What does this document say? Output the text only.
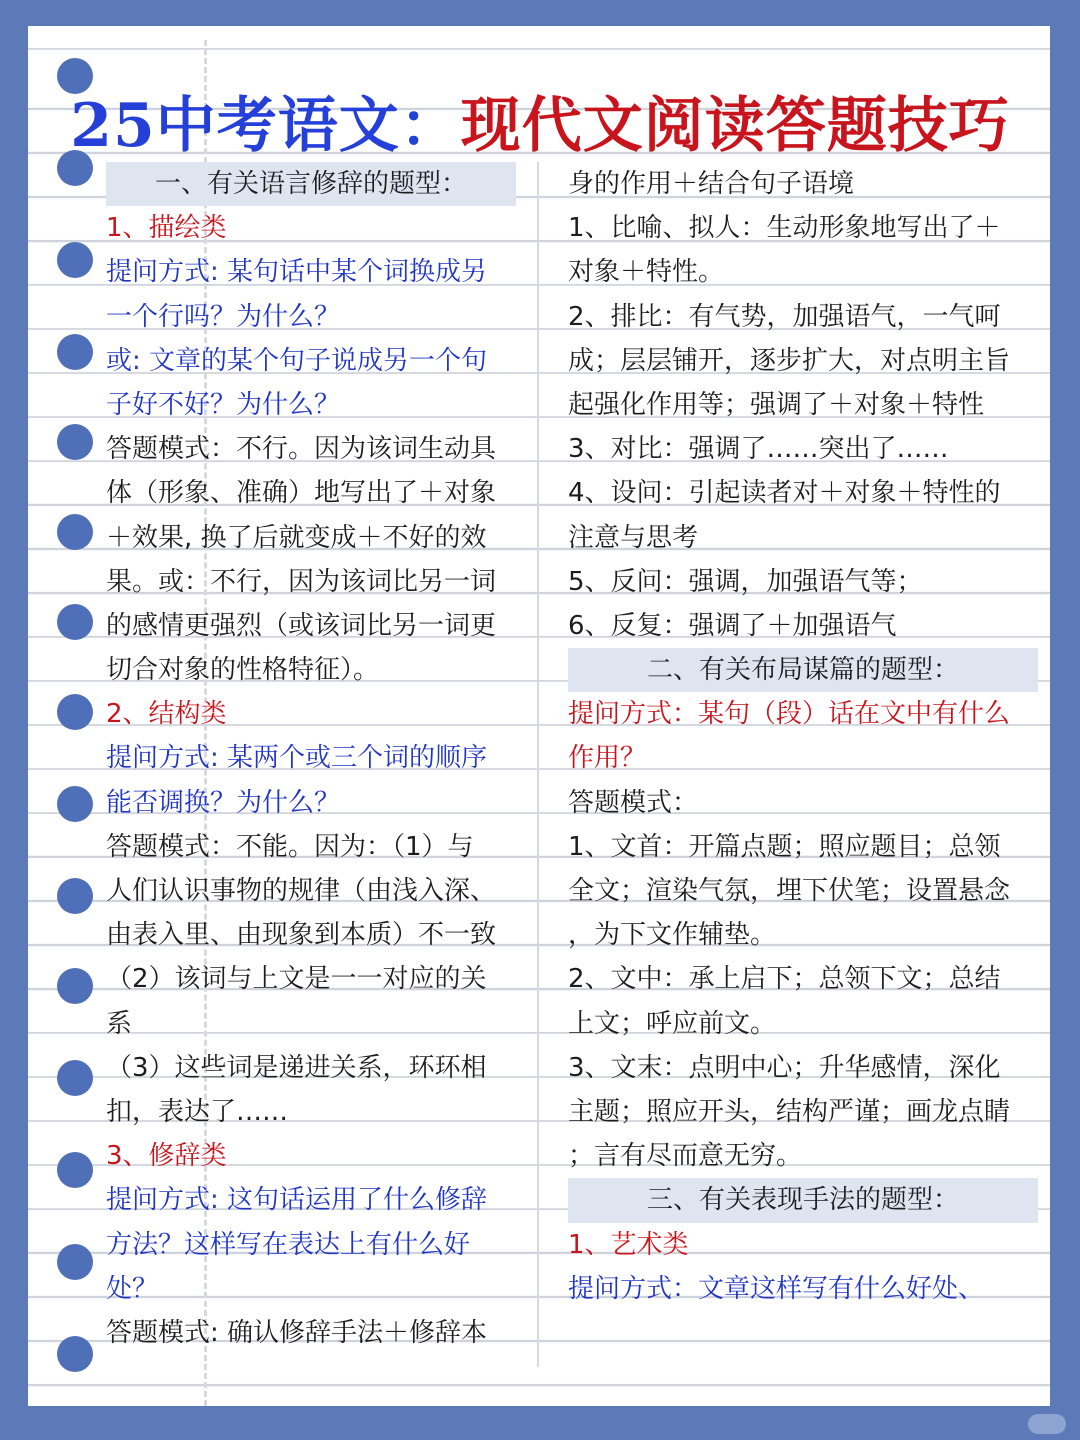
25中考语文：现代文阅读答题技巧
一、有关语言修辞的题型：
1、描绘类
提问方式: 某句话中某个词换成另
一个行吗？为什么？
或: 文章的某个句子说成另一个句
子好不好？为什么？
答题模式：不行。因为该词生动具
体（形象、准确）地写出了＋对象
＋效果, 换了后就变成＋不好的效
果。或：不行，因为该词比另一词
的感情更强烈（或该词比另一词更
切合对象的性格特征）。
2、结构类
提问方式: 某两个或三个词的顺序
能否调换？为什么？
答题模式：不能。因为：（1）与
人们认识事物的规律（由浅入深、
由表入里、由现象到本质）不一致
（2）该词与上文是一一对应的关
系
（3）这些词是递进关系，环环相
扣，表达了……
3、修辞类
提问方式: 这句话运用了什么修辞
方法？这样写在表达上有什么好
处？
答题模式: 确认修辞手法＋修辞本
身的作用＋结合句子语境
1、比喻、拟人：生动形象地写出了＋
对象＋特性。
2、排比：有气势，加强语气，一气呵
成；层层铺开，逐步扩大，对点明主旨
起强化作用等；强调了＋对象＋特性
3、对比：强调了……突出了……
4、设问：引起读者对＋对象＋特性的
注意与思考
5、反问：强调，加强语气等；
6、反复：强调了＋加强语气
二、有关布局谋篇的题型：
提问方式：某句（段）话在文中有什么
作用？
答题模式：
1、文首：开篇点题；照应题目；总领
全文；渲染气氛，埋下伏笔；设置悬念
，为下文作辅垫。
2、文中：承上启下；总领下文；总结
上文；呼应前文。
3、文末：点明中心；升华感情，深化
主题；照应开头，结构严谨；画龙点睛
；言有尽而意无穷。
三、有关表现手法的题型：
1、艺术类
提问方式：文章这样写有什么好处、
